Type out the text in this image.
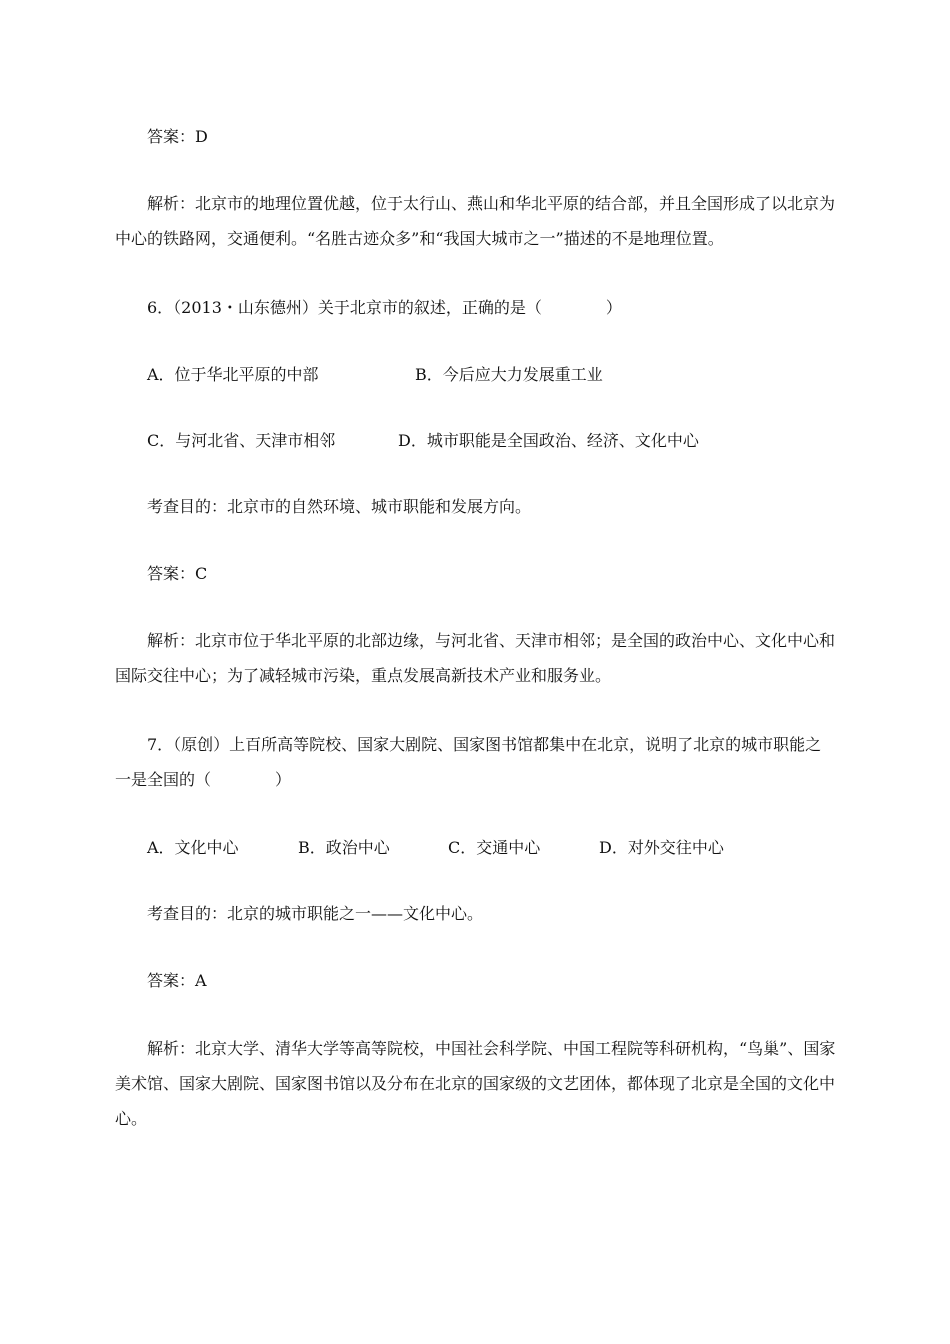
答案：D
解析：北京市的地理位置优越，位于太行山、燕山和华北平原的结合部，并且全国形成了以北京为中心的铁路网，交通便利。“名胜古迹众多”和“我国大城市之一”描述的不是地理位置。
6．（2013・山东德州）关于北京市的叙述，正确的是（	）
A．位于华北平原的中部	B．今后应大力发展重工业
C．与河北省、天津市相邻	D．城市职能是全国政治、经济、文化中心
考查目的：北京市的自然环境、城市职能和发展方向。
答案：C
解析：北京市位于华北平原的北部边缘，与河北省、天津市相邻；是全国的政治中心、文化中心和国际交往中心；为了减轻城市污染，重点发展高新技术产业和服务业。
7．（原创）上百所高等院校、国家大剧院、国家图书馆都集中在北京，说明了北京的城市职能之一是全国的（	）
A．文化中心	B．政治中心	C．交通中心	D．对外交往中心
考查目的：北京的城市职能之一——文化中心。
答案：A
解析：北京大学、清华大学等高等院校，中国社会科学院、中国工程院等科研机构，“鸟巢”、国家美术馆、国家大剧院、国家图书馆以及分布在北京的国家级的文艺团体，都体现了北京是全国的文化中心。
